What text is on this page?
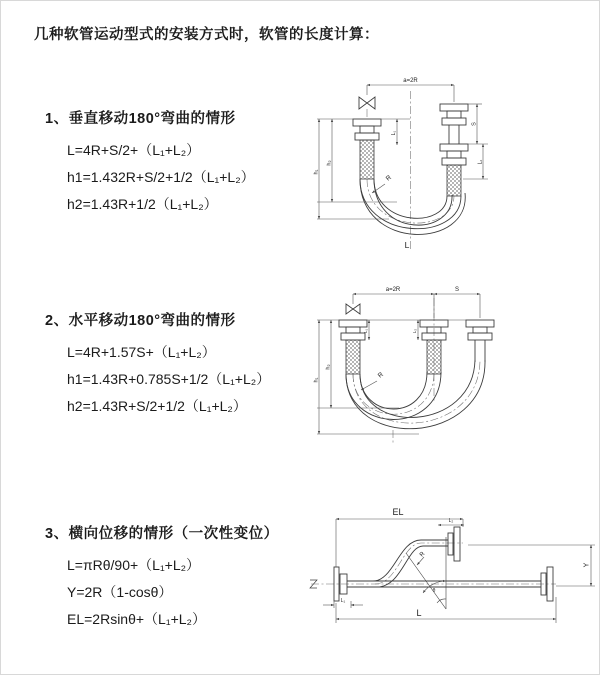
几种软管运动型式的安装方式时，软管的长度计算：
1、垂直移动180°弯曲的情形
L=4R+S/2+（L₁+L₂）
h1=1.432R+S/2+1/2（L₁+L₂）
h2=1.43R+1/2（L₁+L₂）
2、水平移动180°弯曲的情形
L=4R+1.57S+（L₁+L₂）
h1=1.43R+0.785S+1/2（L₁+L₂）
h2=1.43R+S/2+1/2（L₁+L₂）
3、横向位移的情形（一次性变位）
L=πRθ/90+（L₁+L₂）
Y=2R（1-cosθ）
EL=2Rsinθ+（L₁+L₂）
a=2R
h₁
h₂
L₁
S
L₂
R
L
a=2R	S
h₁
h₂
L₁	L₂
R
EL
L₂
Y
L
L₁
θ
R
